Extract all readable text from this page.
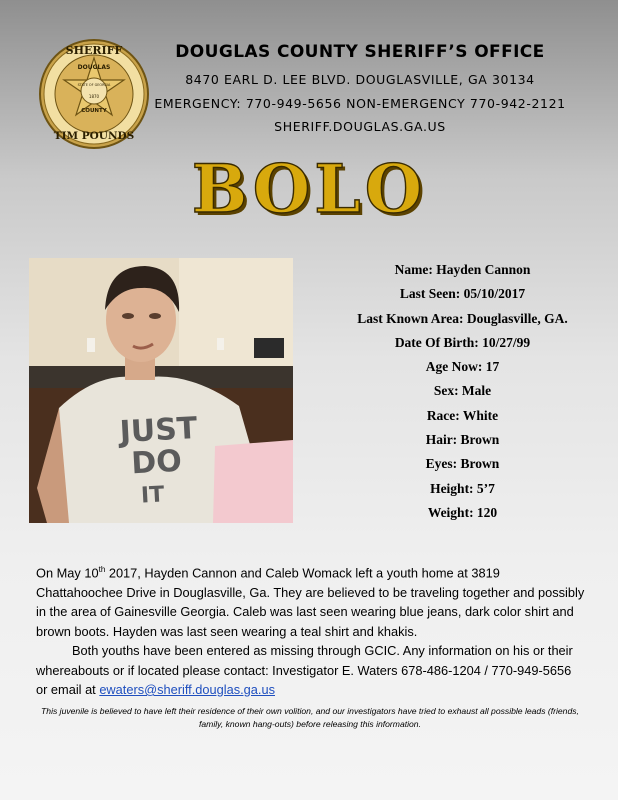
SHERIFF
DOUGLAS
STATE OF GEORGIA
1870
COUNTY
TIM POUNDS
DOUGLAS COUNTY SHERIFF’S OFFICE
8470 EARL D. LEE BLVD. DOUGLASVILLE, GA 30134
EMERGENCY: 770-949-5656 NON-EMERGENCY 770-942-2121
SHERIFF.DOUGLAS.GA.US
BOLO
JUST
DO
IT
Name: Hayden Cannon
Last Seen: 05/10/2017
Last Known Area: Douglasville, GA.
Date Of Birth: 10/27/99
Age Now: 17
Sex: Male
Race: White
Hair: Brown
Eyes: Brown
Height: 5’7
Weight: 120
On May 10th 2017, Hayden Cannon and Caleb Womack left a youth home at 3819 Chattahoochee Drive in Douglasville, Ga. They are believed to be traveling together and possibly in the area of Gainesville Georgia. Caleb was last seen wearing blue jeans, dark color shirt and brown boots. Hayden was last seen wearing a teal shirt and khakis.
Both youths have been entered as missing through GCIC. Any information on his or their whereabouts or if located please contact: Investigator E. Waters 678-486-1204 / 770-949-5656 or email at ewaters@sheriff.douglas.ga.us
This juvenile is believed to have left their residence of their own volition, and our investigators have tried to exhaust all possible leads (friends, family, known hang-outs) before releasing this information.
